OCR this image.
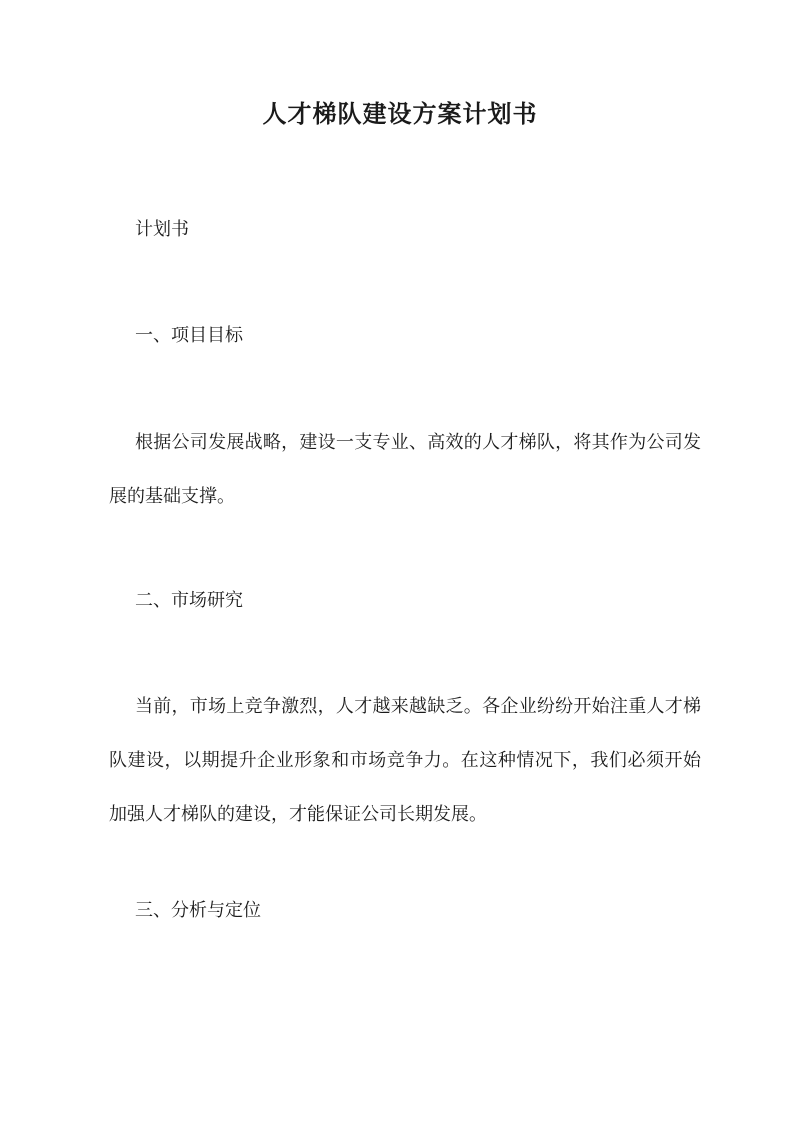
人才梯队建设方案计划书
计划书
一、项目目标
根据公司发展战略，建设一支专业、高效的人才梯队，将其作为公司发展的基础支撑。
二、市场研究
当前，市场上竞争激烈，人才越来越缺乏。各企业纷纷开始注重人才梯队建设，以期提升企业形象和市场竞争力。在这种情况下，我们必须开始加强人才梯队的建设，才能保证公司长期发展。
三、分析与定位
